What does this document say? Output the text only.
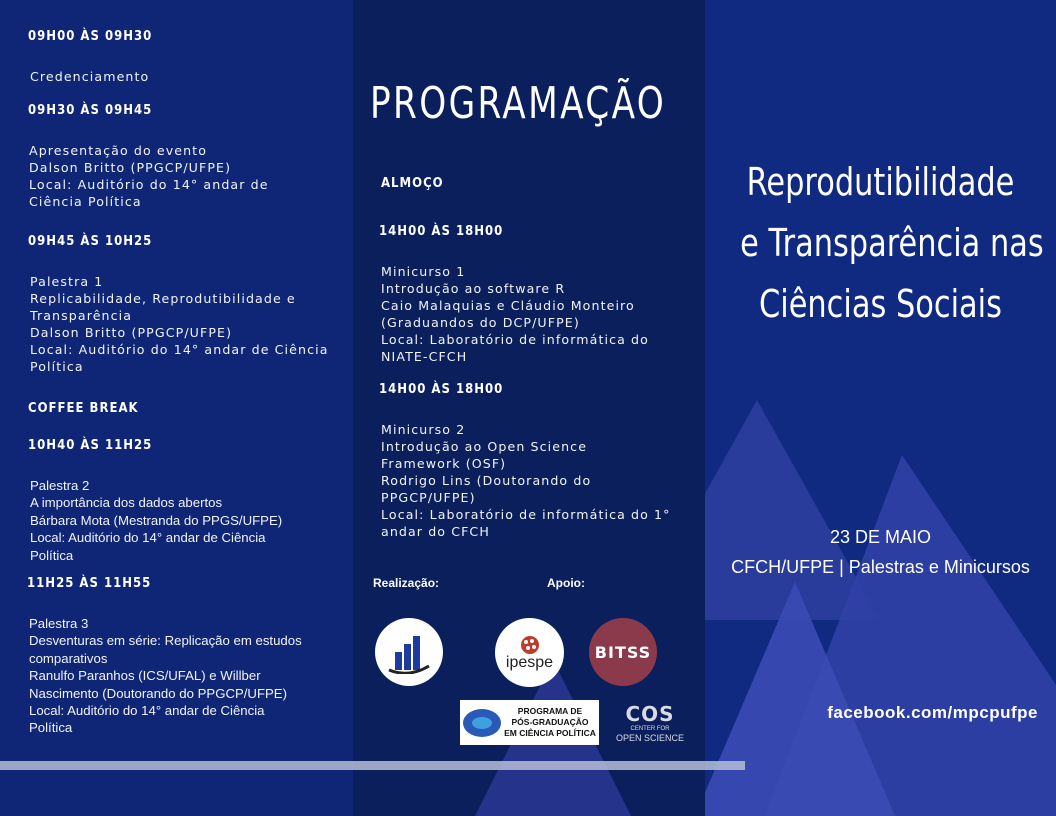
09H00 ÀS 09H30
Credenciamento
09H30 ÀS 09H45
Apresentação do evento
Dalson Britto (PPGCP/UFPE)
Local: Auditório do 14° andar de
Ciência Política
09H45 ÀS 10H25
Palestra 1
Replicabilidade, Reprodutibilidade e
Transparência
Dalson Britto (PPGCP/UFPE)
Local: Auditório do 14° andar de Ciência
Política
COFFEE BREAK
10H40 ÀS 11H25
Palestra 2
A importância dos dados abertos
Bárbara Mota (Mestranda do PPGS/UFPE)
Local: Auditório do 14° andar de Ciência
Política
11H25 ÀS 11H55
Palestra 3
Desventuras em série: Replicação em estudos
comparativos
Ranulfo Paranhos (ICS/UFAL) e Willber
Nascimento (Doutorando do PPGCP/UFPE)
Local: Auditório do 14° andar de Ciência
Política
PROGRAMAÇÃO
ALMOÇO
14H00 ÀS 18H00
Minicurso 1
Introdução ao software R
Caio Malaquias e Cláudio Monteiro
(Graduandos do DCP/UFPE)
Local: Laboratório de informática do
NIATE-CFCH
14H00 ÀS 18H00
Minicurso 2
Introdução ao Open Science
Framework (OSF)
Rodrigo Lins (Doutorando do
PPGCP/UFPE)
Local: Laboratório de informática do 1°
andar do CFCH
Realização:	Apoio:
ipespe
BITSS
PROGRAMA DE
PÓS-GRADUAÇÃO
EM CIÊNCIA POLÍTICA
COS
CENTER FOR
OPEN SCIENCE
Reprodutibilidade
e Transparência nas
Ciências Sociais
23 DE MAIO
CFCH/UFPE | Palestras e Minicursos
facebook.com/mpcpufpe
